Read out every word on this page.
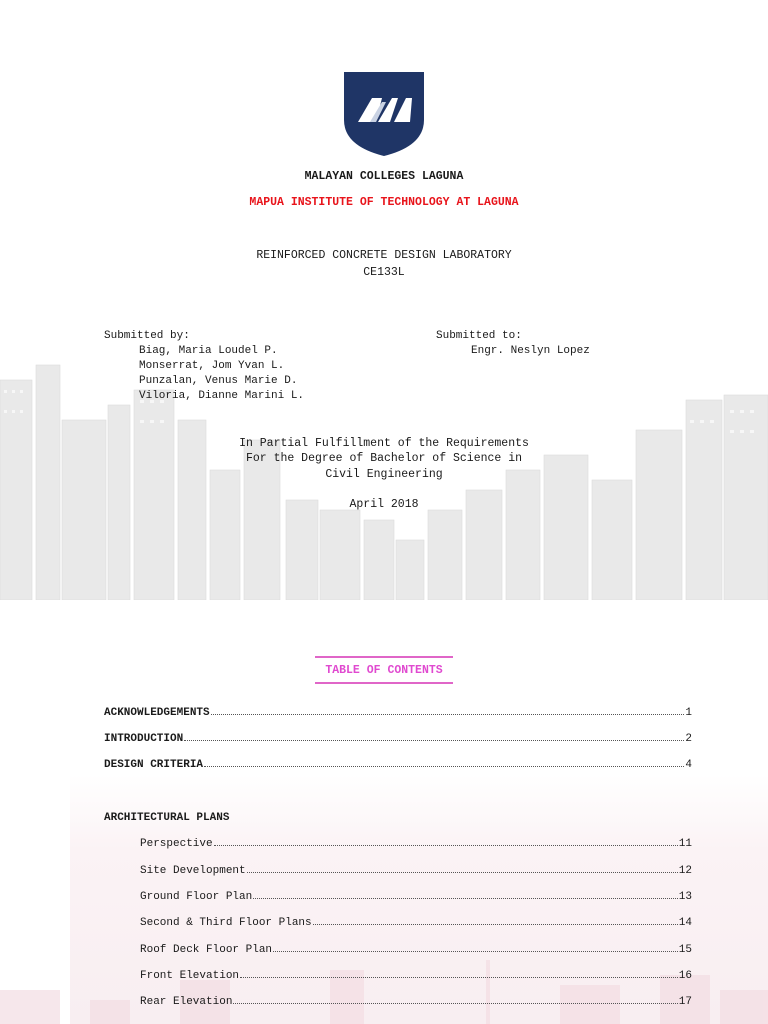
MALAYAN COLLEGES LAGUNA
MAPUA INSTITUTE OF TECHNOLOGY AT LAGUNA
REINFORCED CONCRETE DESIGN LABORATORY
CE133L
Submitted by:
Biag, Maria Loudel P.
Monserrat, Jom Yvan L.
Punzalan, Venus Marie D.
Viloria, Dianne Marini L.
Submitted to:
Engr. Neslyn Lopez
In Partial Fulfillment of the Requirements
For the Degree of Bachelor of Science in
Civil Engineering
April 2018
TABLE OF CONTENTS
ACKNOWLEDGEMENTS	1
INTRODUCTION	2
DESIGN CRITERIA	4
ARCHITECTURAL PLANS
Perspective	11
Site Development	12
Ground Floor Plan	13
Second & Third Floor Plans	14
Roof Deck Floor Plan	15
Front Elevation	16
Rear Elevation	17
